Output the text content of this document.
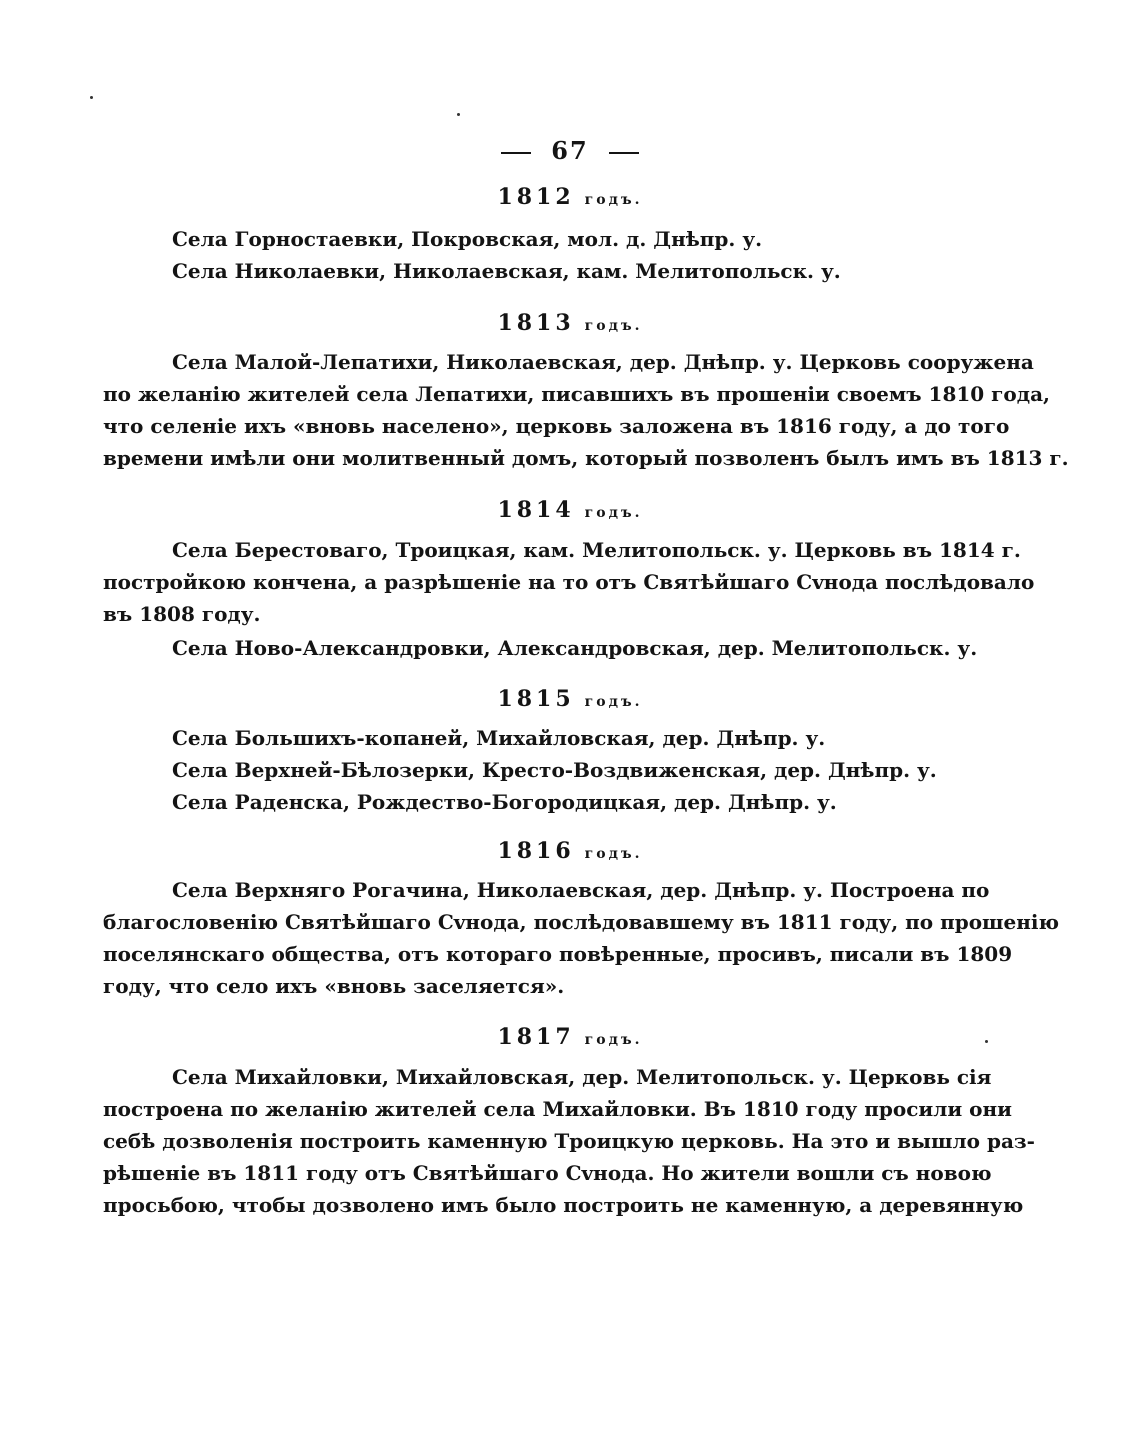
67
1812 годъ.
Села Горностаевки, Покровская, мол. д. Днѣпр. у.
Села Николаевки, Николаевская, кам. Мелитопольск. у.
1813 годъ.
Села Малой-Лепатихи, Николаевская, дер. Днѣпр. у. Церковь сооружена
по желанію жителей села Лепатихи, писавшихъ въ прошеніи своемъ 1810 года,
что селеніе ихъ «вновь населено», церковь заложена въ 1816 году, а до того
времени имѣли они молитвенный домъ, который позволенъ былъ имъ въ 1813 г.
1814 годъ.
Села Берестоваго, Троицкая, кам. Мелитопольск. у. Церковь въ 1814 г.
постройкою кончена, а разрѣшеніе на то отъ Святѣйшаго Сvнода послѣдовало
въ 1808 году.
Села Ново-Александровки, Александровская, дер. Мелитопольск. у.
1815 годъ.
Села Большихъ-копаней, Михайловская, дер. Днѣпр. у.
Села Верхней-Бѣлозерки, Кресто-Воздвиженская, дер. Днѣпр. у.
Села Раденска, Рождество-Богородицкая, дер. Днѣпр. у.
1816 годъ.
Села Верхняго Рогачина, Николаевская, дер. Днѣпр. у. Построена по
благословенію Святѣйшаго Сvнода, послѣдовавшему въ 1811 году, по прошенію
поселянскаго общества, отъ котораго повѣренные, просивъ, писали въ 1809
году, что село ихъ «вновь заселяется».
1817 годъ.
Села Михайловки, Михайловская, дер. Мелитопольск. у. Церковь сія
построена по желанію жителей села Михайловки. Въ 1810 году просили они
себѣ дозволенія построить каменную Троицкую церковь. На это и вышло раз-
рѣшеніе въ 1811 году отъ Святѣйшаго Сvнода. Но жители вошли съ новою
просьбою, чтобы дозволено имъ было построить не каменную, а деревянную
